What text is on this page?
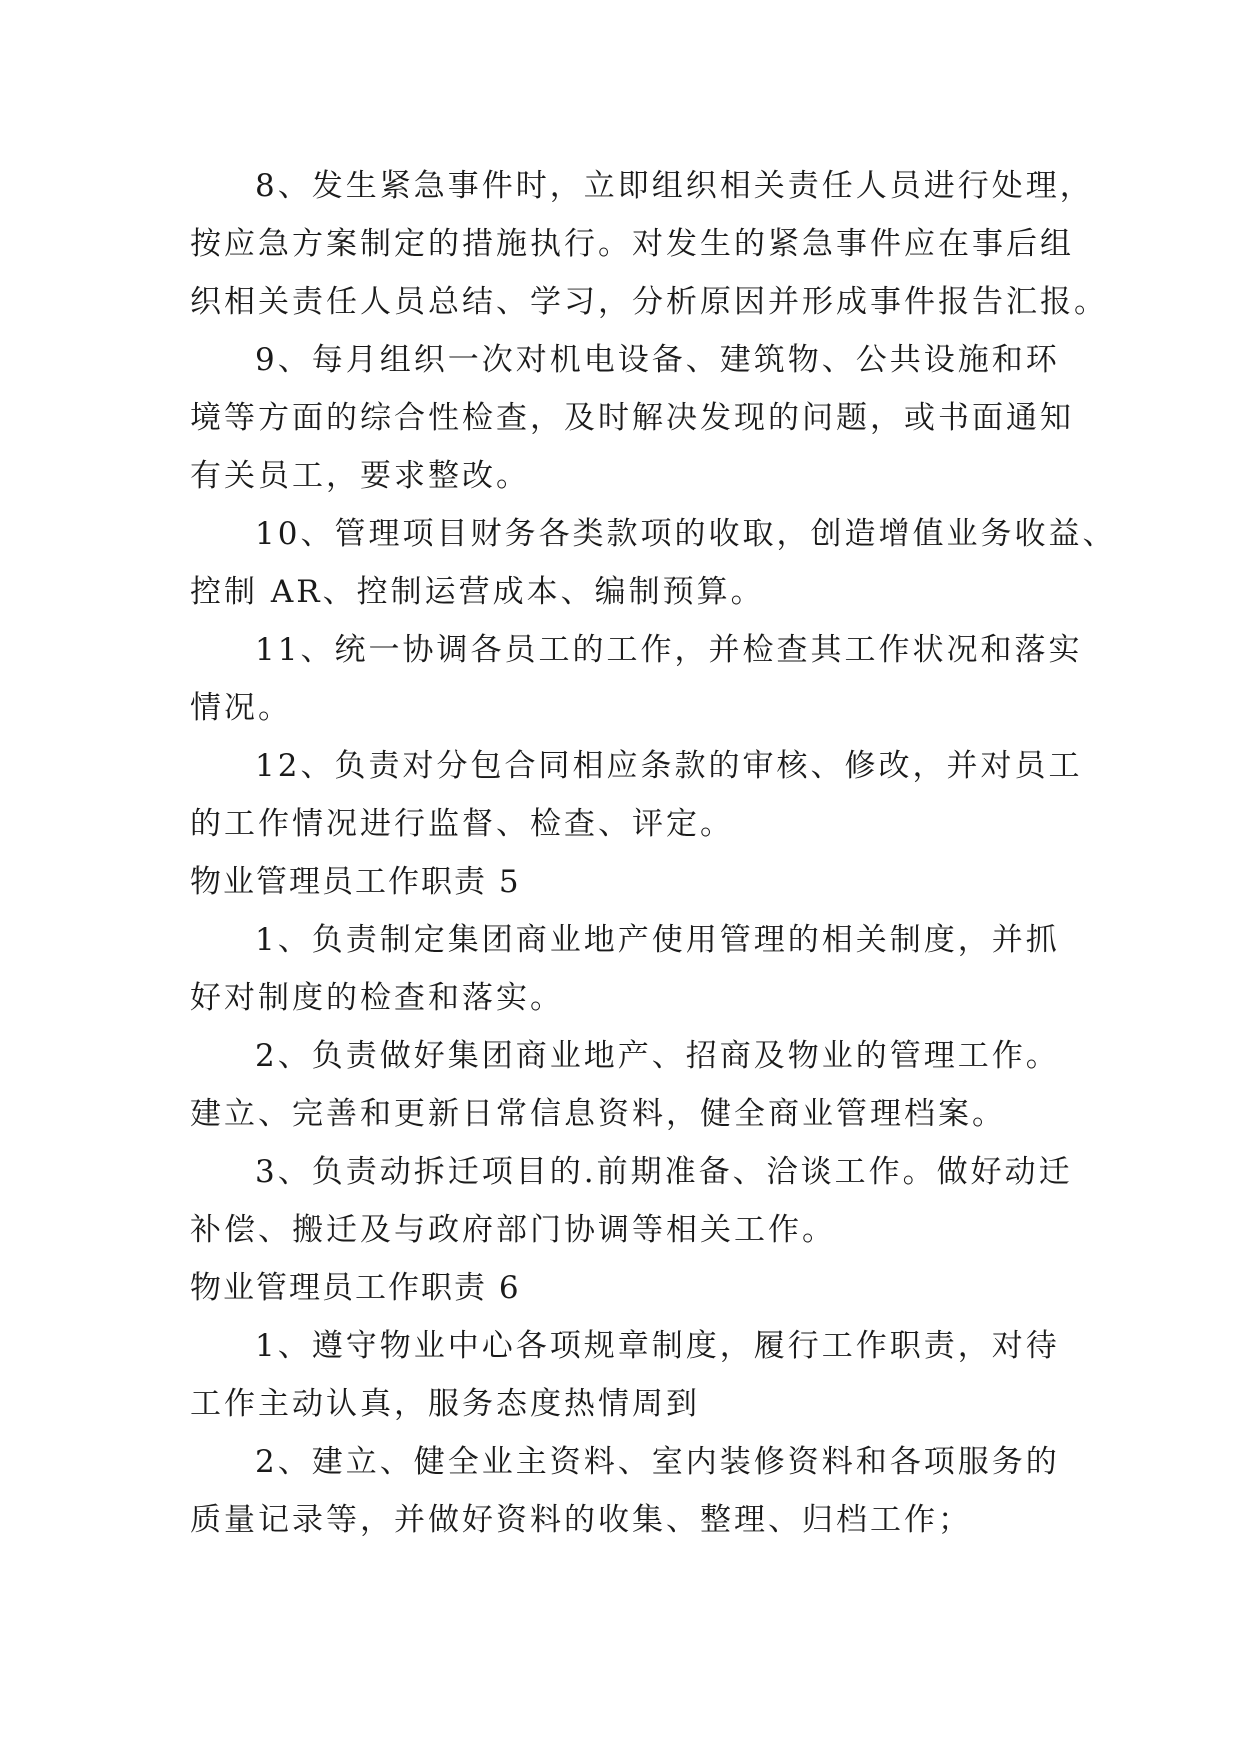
8、发生紧急事件时，立即组织相关责任人员进行处理，
按应急方案制定的措施执行。对发生的紧急事件应在事后组
织相关责任人员总结、学习，分析原因并形成事件报告汇报。
9、每月组织一次对机电设备、建筑物、公共设施和环
境等方面的综合性检查，及时解决发现的问题，或书面通知
有关员工，要求整改。
10、管理项目财务各类款项的收取，创造增值业务收益、
控制 AR、控制运营成本、编制预算。
11、统一协调各员工的工作，并检查其工作状况和落实
情况。
12、负责对分包合同相应条款的审核、修改，并对员工
的工作情况进行监督、检查、评定。
物业管理员工作职责 5
1、负责制定集团商业地产使用管理的相关制度，并抓
好对制度的检查和落实。
2、负责做好集团商业地产、招商及物业的管理工作。
建立、完善和更新日常信息资料，健全商业管理档案。
3、负责动拆迁项目的.前期准备、洽谈工作。做好动迁
补偿、搬迁及与政府部门协调等相关工作。
物业管理员工作职责 6
1、遵守物业中心各项规章制度，履行工作职责，对待
工作主动认真，服务态度热情周到
2、建立、健全业主资料、室内装修资料和各项服务的
质量记录等，并做好资料的收集、整理、归档工作；
